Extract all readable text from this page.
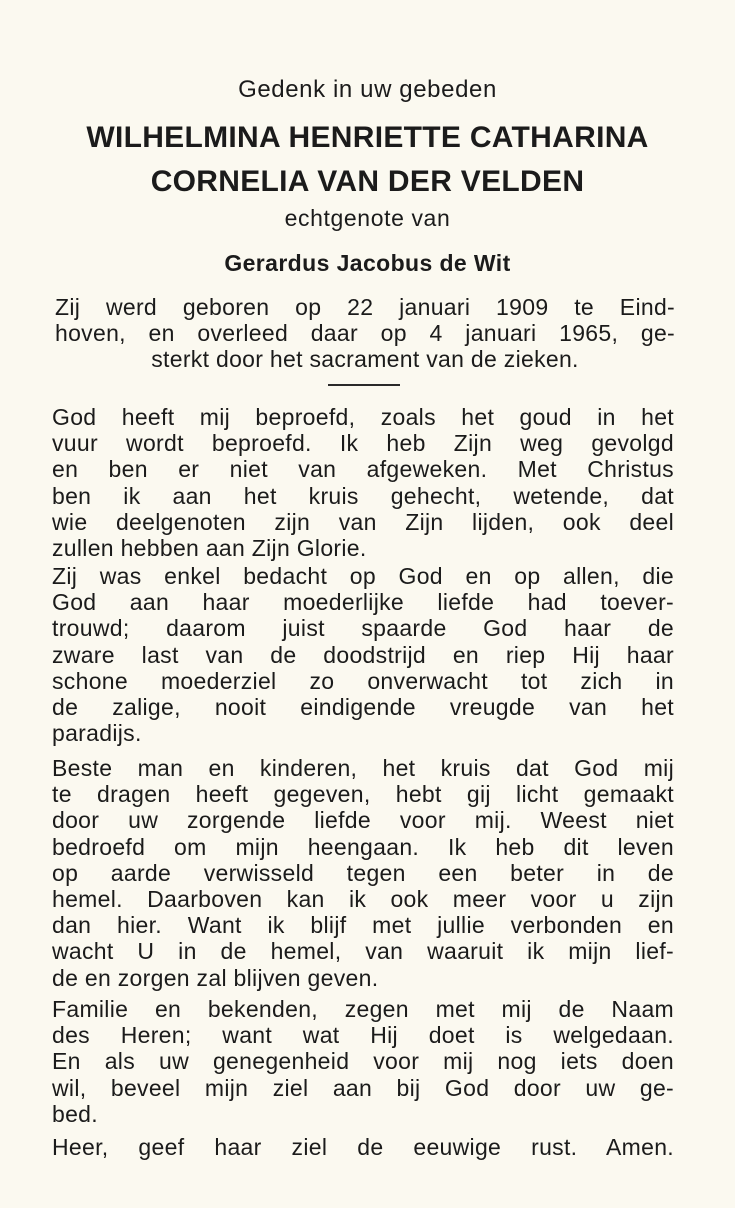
Gedenk in uw gebeden
WILHELMINA HENRIETTE CATHARINA
CORNELIA VAN DER VELDEN
echtgenote van
Gerardus Jacobus de Wit
Zij werd geboren op 22 januari 1909 te Eind-
hoven, en overleed daar op 4 januari 1965, ge-
sterkt door het sacrament van de zieken.
God heeft mij beproefd, zoals het goud in het
vuur wordt beproefd. Ik heb Zijn weg gevolgd
en ben er niet van afgeweken. Met Christus
ben ik aan het kruis gehecht, wetende, dat
wie deelgenoten zijn van Zijn lijden, ook deel
zullen hebben aan Zijn Glorie.
Zij was enkel bedacht op God en op allen, die
God aan haar moederlijke liefde had toever-
trouwd; daarom juist spaarde God haar de
zware last van de doodstrijd en riep Hij haar
schone moederziel zo onverwacht tot zich in
de zalige, nooit eindigende vreugde van het
paradijs.
Beste man en kinderen, het kruis dat God mij
te dragen heeft gegeven, hebt gij licht gemaakt
door uw zorgende liefde voor mij. Weest niet
bedroefd om mijn heengaan. Ik heb dit leven
op aarde verwisseld tegen een beter in de
hemel. Daarboven kan ik ook meer voor u zijn
dan hier. Want ik blijf met jullie verbonden en
wacht U in de hemel, van waaruit ik mijn lief-
de en zorgen zal blijven geven.
Familie en bekenden, zegen met mij de Naam
des Heren; want wat Hij doet is welgedaan.
En als uw genegenheid voor mij nog iets doen
wil, beveel mijn ziel aan bij God door uw ge-
bed.
Heer, geef haar ziel de eeuwige rust. Amen.
